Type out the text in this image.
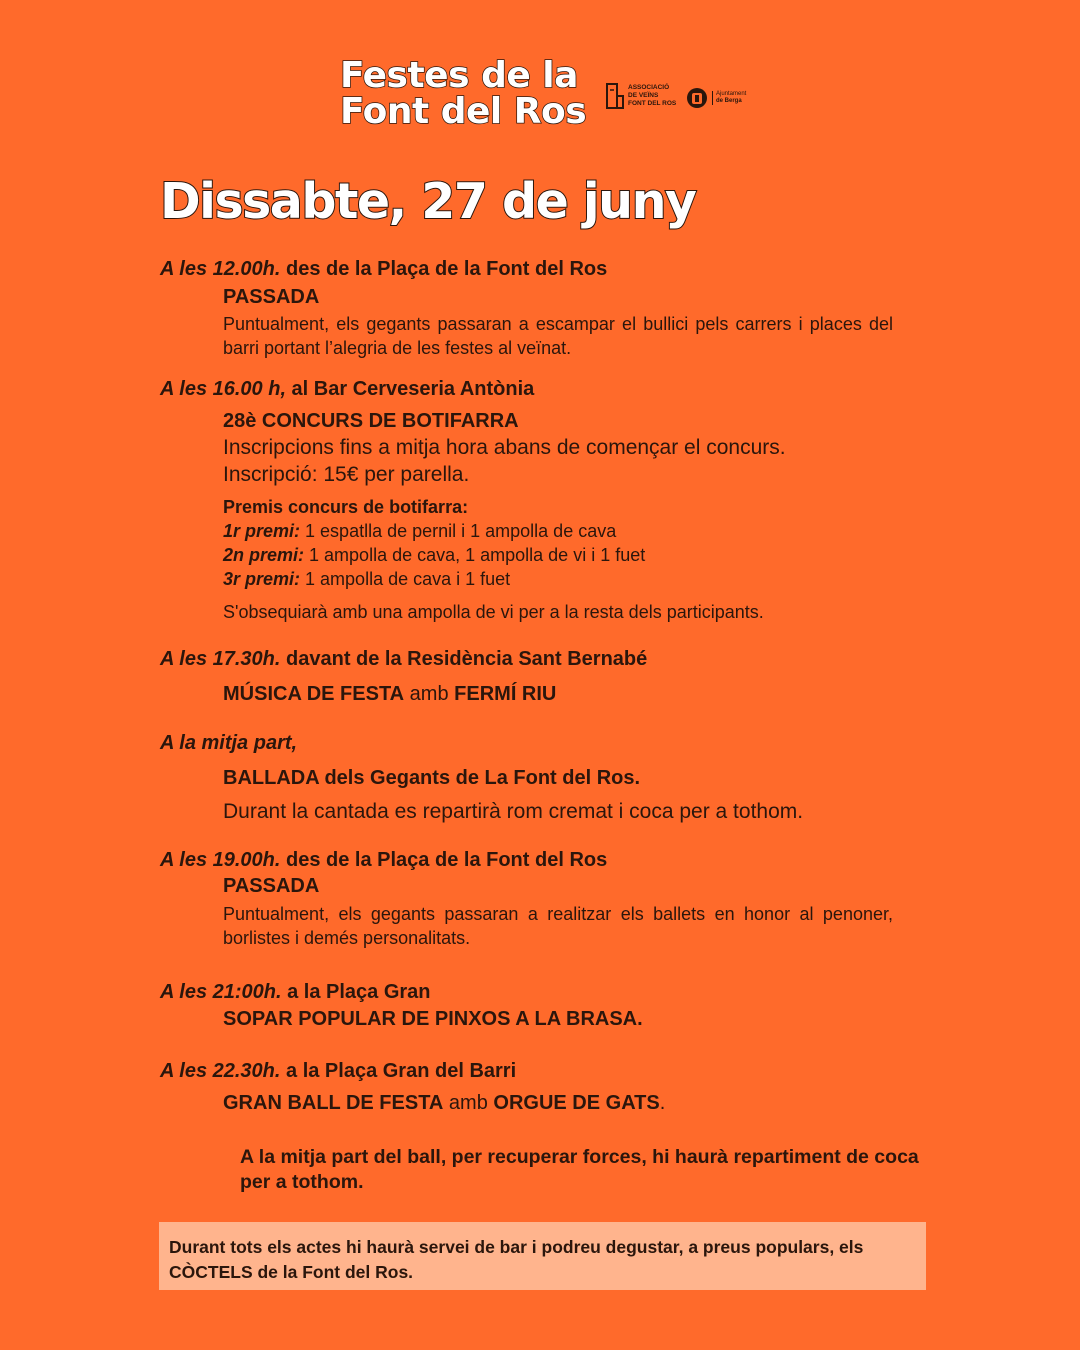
Festes de la
Font del Ros
ASSOCIACIÓ
DE VEÏNS
FONT DEL ROS
Ajuntament
de Berga
Dissabte, 27 de juny
A les 12.00h. des de la Plaça de la Font del Ros
PASSADA
Puntualment, els gegants passaran a escampar el bullici pels carrers i places del barri portant l’alegria de les festes al veïnat.
A les 16.00 h, al Bar Cerveseria Antònia
28è CONCURS DE BOTIFARRA
Inscripcions fins a mitja hora abans de començar el concurs.
Inscripció: 15€ per parella.
Premis concurs de botifarra:
1r premi: 1 espatlla de pernil i 1 ampolla de cava
2n premi: 1 ampolla de cava, 1 ampolla de vi i 1 fuet
3r premi: 1 ampolla de cava i 1 fuet
S'obsequiarà amb una ampolla de vi per a la resta dels participants.
A les 17.30h. davant de la Residència Sant Bernabé
MÚSICA DE FESTA amb FERMÍ RIU
A la mitja part,
BALLADA dels Gegants de La Font del Ros.
Durant la cantada es repartirà rom cremat i coca per a tothom.
A les 19.00h. des de la Plaça de la Font del Ros
PASSADA
Puntualment, els gegants passaran a realitzar els ballets en honor al penoner, borlistes i demés personalitats.
A les 21:00h. a la Plaça Gran
SOPAR POPULAR DE PINXOS A LA BRASA.
A les 22.30h. a la Plaça Gran del Barri
GRAN BALL DE FESTA amb ORGUE DE GATS.
A la mitja part del ball, per recuperar forces, hi haurà repartiment de coca per a tothom.
Durant tots els actes hi haurà servei de bar i podreu degustar, a preus populars, els CÒCTELS de la Font del Ros.
